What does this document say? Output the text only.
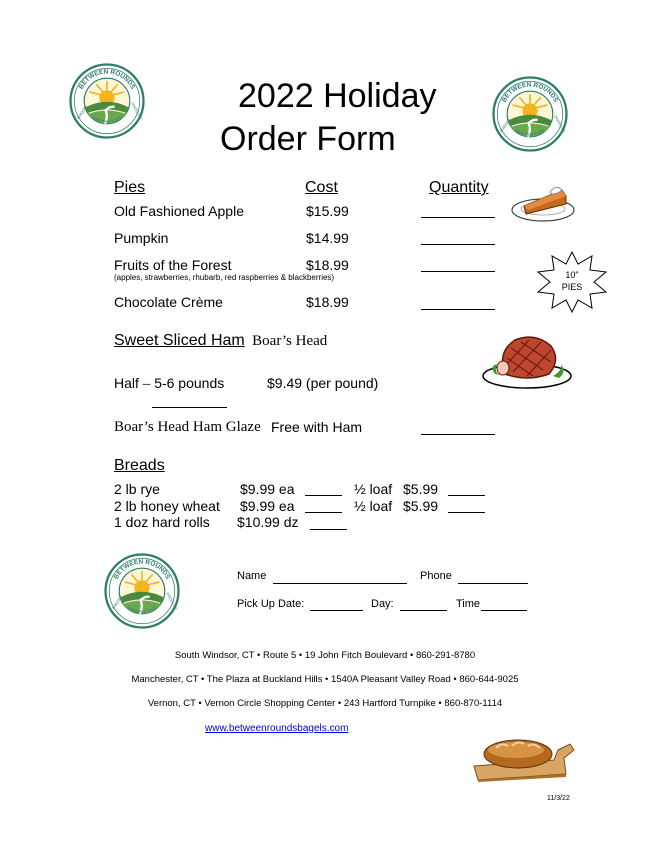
BETWEEN ROUNDS
SANDWICH CAFE
BAKERY	CATERING
BETWEEN ROUNDS
SANDWICH CAFE
BAKERY	CATERING
2022 Holiday
Order Form
Pies	Cost	Quantity
Old Fashioned Apple	$15.99
Pumpkin	$14.99
Fruits of the Forest	$18.99
(apples, strawberries, rhubarb, red raspberries & blackberries)
Chocolate Crème	$18.99
10"
PIES
Sweet Sliced Ham Boar’s Head
Half – 5-6 pounds	$9.49 (per pound)
Boar’s Head Ham Glaze Free with Ham
Breads
2 lb rye	$9.99 ea	½ loaf $5.99
2 lb honey wheat $9.99 ea	½ loaf $5.99
1 doz hard rolls $10.99 dz
BETWEEN ROUNDS
SANDWICH CAFE
BAKERY	CATERING
Name	Phone
Pick Up Date:	Day:	Time
South Windsor, CT • Route 5 • 19 John Fitch Boulevard • 860-291-8780
Manchester, CT • The Plaza at Buckland Hills • 1540A Pleasant Valley Road • 860-644-9025
Vernon, CT • Vernon Circle Shopping Center • 243 Hartford Turnpike • 860-870-1114
www.betweenroundsbagels.com
11/3/22
